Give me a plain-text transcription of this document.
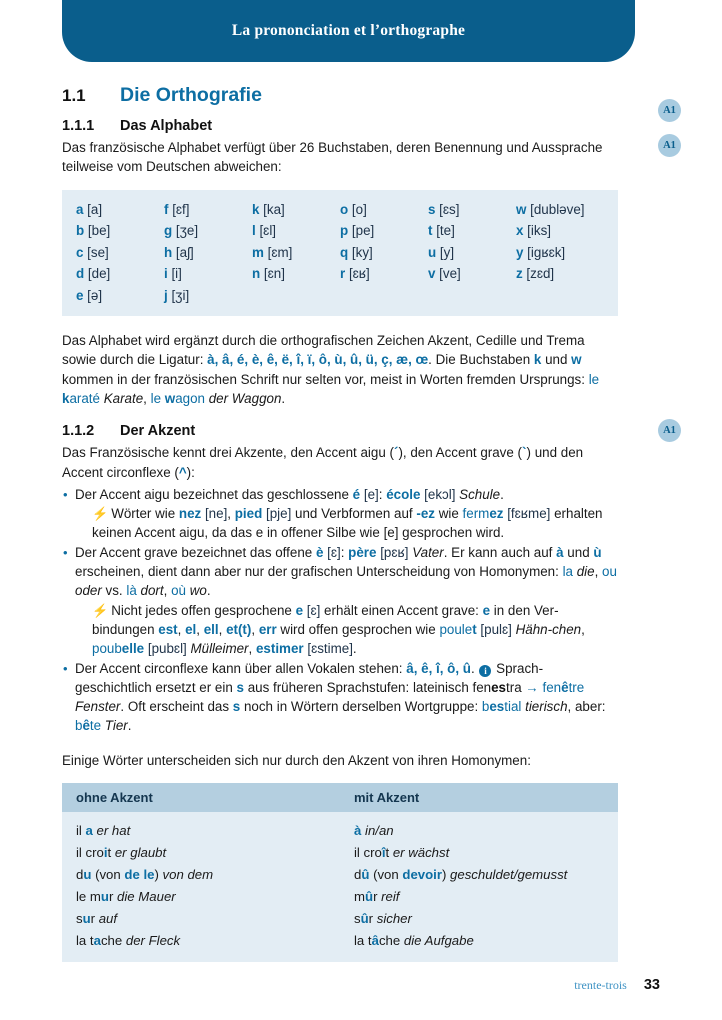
La prononciation et l’orthographe
A1
A1
A1
1.1	Die Orthografie
1.1.1	Das Alphabet

Das französische Alphabet verfügt über 26 Buchstaben, deren Benennung und Aussprache teilweise vom Deutschen abweichen:

a [a]	f [ɛf]	k [ka]	o [o]	s [ɛs]	w [dubləve]
b [be]	g [ʒe]	l [ɛl]	p [pe]	t [te]	x [iks]
c [se]	h [aʃ]	m [ɛm]	q [ky]	u [y]	y [igʁɛk]
d [de]	i [i]	n [ɛn]	r [ɛʁ]	v [ve]	z [zɛd]
e [ə]	j [ʒi]

Das Alphabet wird ergänzt durch die orthografischen Zeichen Akzent, Cedille und Trema sowie durch die Ligatur: à, â, é, è, ê, ë, î, ï, ô, ù, û, ü, ç, æ, œ. Die Buchstaben k und w kommen in der französischen Schrift nur selten vor, meist in Worten fremden Ursprungs: le karaté Karate, le wagon der Waggon.

1.1.2	Der Akzent

Das Französische kennt drei Akzente, den Accent aigu (´), den Accent grave (`) und den Accent circonflexe (^):

• Der Accent aigu bezeichnet das geschlossene é [e]: école [ekɔl] Schule.
⚡ Wörter wie nez [ne], pied [pje] und Verbformen auf -ez wie fermez [fɛʁme] erhalten keinen Accent aigu, da das e in offener Silbe wie [e] gesprochen wird.
• Der Accent grave bezeichnet das offene è [ɛ]: père [pɛʁ] Vater. Er kann auch auf à und ù erscheinen, dient dann aber nur der grafischen Unterscheidung von Homonymen: la die, ou oder vs. là dort, où wo.
⚡ Nicht jedes offen gesprochene e [ɛ] erhält einen Accent grave: e in den Ver-bindungen est, el, ell, et(t), err wird offen gesprochen wie poulet [pulɛ] Hähn-chen, poubelle [pubɛl] Mülleimer, estimer [ɛstime].
• Der Accent circonflexe kann über allen Vokalen stehen: â, ê, î, ô, û. i Sprach-geschichtlich ersetzt er ein s aus früheren Sprachstufen: lateinisch fenestra → fenêtre Fenster. Oft erscheint das s noch in Wörtern derselben Wortgruppe: bestial tierisch, aber: bête Tier.

Einige Wörter unterscheiden sich nur durch den Akzent von ihren Homonymen:

ohne Akzent	mit Akzent
il a er hat	à in/an
il croit er glaubt	il croît er wächst
du (von de le) von dem	dû (von devoir) geschuldet/gemusst
le mur die Mauer	mûr reif
sur auf	sûr sicher
la tache der Fleck	la tâche die Aufgabe
trente-trois 33
